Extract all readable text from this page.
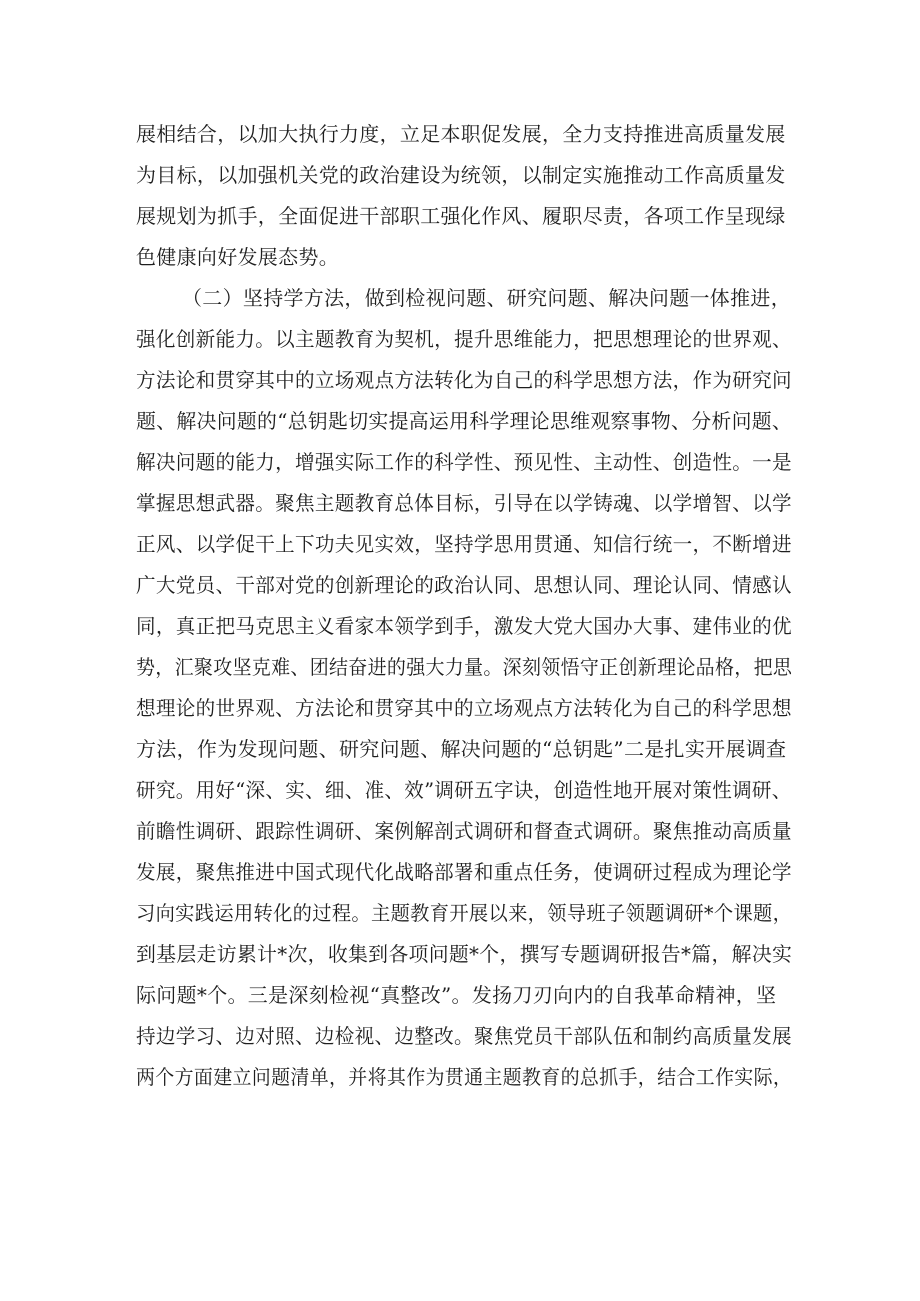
展相结合，以加大执行力度，立足本职促发展，全力支持推进高质量发展
为目标，以加强机关党的政治建设为统领，以制定实施推动工作高质量发
展规划为抓手，全面促进干部职工强化作风、履职尽责，各项工作呈现绿
色健康向好发展态势。
（二）坚持学方法，做到检视问题、研究问题、解决问题一体推进，
强化创新能力。以主题教育为契机，提升思维能力，把思想理论的世界观、
方法论和贯穿其中的立场观点方法转化为自己的科学思想方法，作为研究问
题、解决问题的“总钥匙切实提高运用科学理论思维观察事物、分析问题、
解决问题的能力，增强实际工作的科学性、预见性、主动性、创造性。一是
掌握思想武器。聚焦主题教育总体目标，引导在以学铸魂、以学增智、以学
正风、以学促干上下功夫见实效，坚持学思用贯通、知信行统一，不断增进
广大党员、干部对党的创新理论的政治认同、思想认同、理论认同、情感认
同，真正把马克思主义看家本领学到手，激发大党大国办大事、建伟业的优
势，汇聚攻坚克难、团结奋进的强大力量。深刻领悟守正创新理论品格，把思
想理论的世界观、方法论和贯穿其中的立场观点方法转化为自己的科学思想
方法，作为发现问题、研究问题、解决问题的“总钥匙”二是扎实开展调查
研究。用好“深、实、细、准、效”调研五字诀，创造性地开展对策性调研、
前瞻性调研、跟踪性调研、案例解剖式调研和督查式调研。聚焦推动高质量
发展，聚焦推进中国式现代化战略部署和重点任务，使调研过程成为理论学
习向实践运用转化的过程。主题教育开展以来，领导班子领题调研*个课题，
到基层走访累计*次，收集到各项问题*个，撰写专题调研报告*篇，解决实
际问题*个。三是深刻检视“真整改”。发扬刀刃向内的自我革命精神，坚
持边学习、边对照、边检视、边整改。聚焦党员干部队伍和制约高质量发展
两个方面建立问题清单，并将其作为贯通主题教育的总抓手，结合工作实际，
